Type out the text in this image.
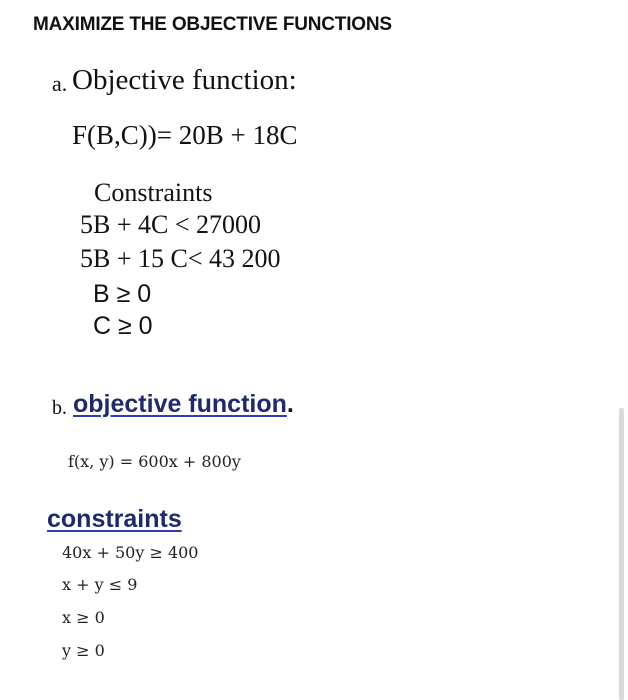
MAXIMIZE THE OBJECTIVE FUNCTIONS
a. Objective function:
F(B,C))= 20B + 18C
Constraints
5B + 4C < 27000
5B + 15 C< 43 200
B ≥ 0
C ≥ 0
b. objective function.
f(x, y) = 600x + 800y
constraints
40x + 50y ≥ 400
x + y ≤ 9
x ≥ 0
y ≥ 0
